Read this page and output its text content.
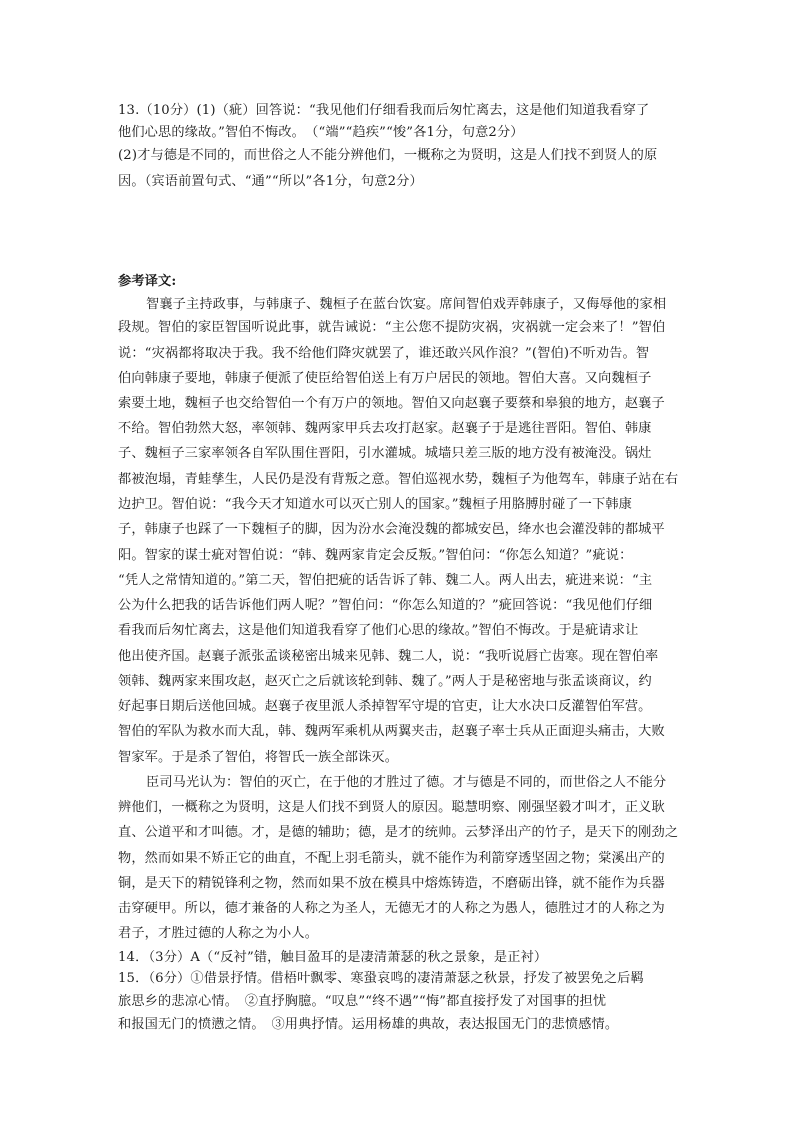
13.（10分）(1)（疵）回答说：“我见他们仔细看我而后匆忙离去，这是他们知道我看穿了
他们心思的缘故。”智伯不悔改。　（“端”“趋疾”“悛”各1分，句意2分）
(2)才与德是不同的，而世俗之人不能分辨他们，一概称之为贤明，这是人们找不到贤人的原
因。（宾语前置句式、“通”“所以”各1分，句意2分）
参考译文:
智襄子主持政事，与韩康子、魏桓子在蓝台饮宴。席间智伯戏弄韩康子，又侮辱他的家相
段规。智伯的家臣智国听说此事，就告诫说：“主公您不提防灾祸，灾祸就一定会来了！”智伯
说：“灾祸都将取决于我。我不给他们降灾就罢了，谁还敢兴风作浪？”(智伯)不听劝告。智
伯向韩康子要地，韩康子便派了使臣给智伯送上有万户居民的领地。智伯大喜。又向魏桓子
索要土地，魏桓子也交给智伯一个有万户的领地。智伯又向赵襄子要蔡和皋狼的地方，赵襄子
不给。智伯勃然大怒，率领韩、魏两家甲兵去攻打赵家。赵襄子于是逃往晋阳。智伯、韩康
子、魏桓子三家率领各自军队围住晋阳，引水灌城。城墙只差三版的地方没有被淹没。锅灶
都被泡塌，青蛙孳生，人民仍是没有背叛之意。智伯巡视水势，魏桓子为他驾车，韩康子站在右
边护卫。智伯说：“我今天才知道水可以灭亡别人的国家。”魏桓子用胳膊肘碰了一下韩康
子，韩康子也踩了一下魏桓子的脚，因为汾水会淹没魏的都城安邑，绛水也会灌没韩的都城平
阳。智家的谋士疵对智伯说：“韩、魏两家肯定会反叛。”智伯问：“你怎么知道？”疵说：
“凭人之常情知道的。”第二天，智伯把疵的话告诉了韩、魏二人。两人出去，疵进来说：“主
公为什么把我的话告诉他们两人呢？”智伯问：“你怎么知道的？”疵回答说：“我见他们仔细
看我而后匆忙离去，这是他们知道我看穿了他们心思的缘故。”智伯不悔改。于是疵请求让
他出使齐国。赵襄子派张孟谈秘密出城来见韩、魏二人，说：“我听说唇亡齿寒。现在智伯率
领韩、魏两家来围攻赵，赵灭亡之后就该轮到韩、魏了。”两人于是秘密地与张孟谈商议，约
好起事日期后送他回城。赵襄子夜里派人杀掉智军守堤的官吏，让大水决口反灌智伯军营。
智伯的军队为救水而大乱，韩、魏两军乘机从两翼夹击，赵襄子率士兵从正面迎头痛击，大败
智家军。于是杀了智伯，将智氏一族全部诛灭。
臣司马光认为：智伯的灭亡，在于他的才胜过了德。才与德是不同的，而世俗之人不能分
辨他们，一概称之为贤明，这是人们找不到贤人的原因。聪慧明察、刚强坚毅才叫才，正义耿
直、公道平和才叫德。才，是德的辅助；德，是才的统帅。云梦泽出产的竹子，是天下的刚劲之
物，然而如果不矫正它的曲直，不配上羽毛箭头，就不能作为利箭穿透坚固之物；棠溪出产的
铜，是天下的精锐锋利之物，然而如果不放在模具中熔炼铸造，不磨砺出锋，就不能作为兵器
击穿硬甲。所以，德才兼备的人称之为圣人，无德无才的人称之为愚人，德胜过才的人称之为
君子，才胜过德的人称之为小人。
14．（3分）A（“反衬”错，触目盈耳的是凄清萧瑟的秋之景象，是正衬）
15．（6分）①借景抒情。借梧叶飘零、寒蛩哀鸣的凄清萧瑟之秋景，抒发了被罢免之后羁
旅思乡的悲凉心情。　②直抒胸臆。“叹息”“终不遇”“悔”都直接抒发了对国事的担忧
和报国无门的愤懑之情。　③用典抒情。运用杨雄的典故，表达报国无门的悲愤感情。
